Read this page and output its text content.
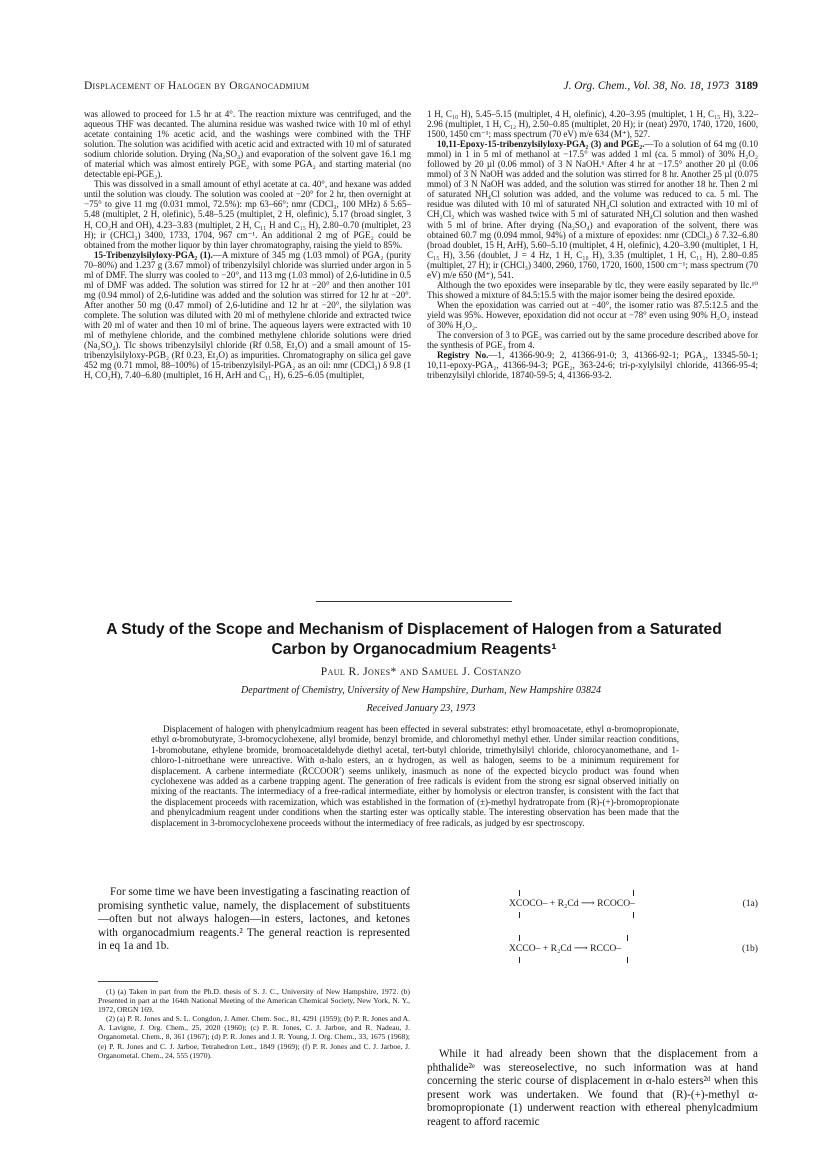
Displacement of Halogen by Organocadmium	J. Org. Chem., Vol. 38, No. 18, 1973 3189

was allowed to proceed for 1.5 hr at 4°. The reaction mixture was centrifuged, and the aqueous THF was decanted. The alumina residue was washed twice with 10 ml of ethyl acetate containing 1% acetic acid, and the washings were combined with the THF solution. The solution was acidified with acetic acid and extracted with 10 ml of saturated sodium chloride solution. Drying (Na₂SO₄) and evaporation of the solvent gave 16.1 mg of material which was almost entirely PGE₂ with some PGA₂ and starting material (no detectable epi-PGE₂).

This was dissolved in a small amount of ethyl acetate at ca. 40°, and hexane was added until the solution was cloudy. The solution was cooled at −20° for 2 hr, then overnight at −75° to give 11 mg (0.031 mmol, 72.5%): mp 63–66°; nmr (CDCl₃, 100 MHz) δ 5.65–5.48 (multiplet, 2 H, olefinic), 5.48–5.25 (multiplet, 2 H, olefinic), 5.17 (broad singlet, 3 H, CO₂H and OH), 4.23–3.83 (multiplet, 2 H, C₁₁ H and C₁₅ H), 2.80–0.70 (multiplet, 23 H); ir (CHCl₃) 3400, 1733, 1704, 967 cm⁻¹. An additional 2 mg of PGE₂ could be obtained from the mother liquor by thin layer chromatography, raising the yield to 85%.

15-Tribenzylsilyloxy-PGA₂ (1).—A mixture of 345 mg (1.03 mmol) of PGA₂ (purity 70–80%) and 1.237 g (3.67 mmol) of tribenzylsilyl chloride was slurried under argon in 5 ml of DMF. The slurry was cooled to −20°, and 113 mg (1.03 mmol) of 2,6-lutidine in 0.5 ml of DMF was added. The solution was stirred for 12 hr at −20° and then another 101 mg (0.94 mmol) of 2,6-lutidine was added and the solution was stirred for 12 hr at −20°. After another 50 mg (0.47 mmol) of 2,6-lutidine and 12 hr at −20°, the silylation was complete. The solution was diluted with 20 ml of methylene chloride and extracted twice with 20 ml of water and then 10 ml of brine. The aqueous layers were extracted with 10 ml of methylene chloride, and the combined methylene chloride solutions were dried (Na₂SO₄). Tlc shows tribenzylsilyl chloride (Rf 0.58, Et₂O) and a small amount of 15-tribenzylsilyloxy-PGB₂ (Rf 0.23, Et₂O) as impurities. Chromatography on silica gel gave 452 mg (0.71 mmol, 88–100%) of 15-tribenzylsilyl-PGA₂ as an oil: nmr (CDCl₃) δ 9.8 (1 H, CO₂H), 7.40–6.80 (multiplet, 16 H, ArH and C₁₁ H), 6.25–6.05 (multiplet,

1 H, C₁₀ H), 5.45–5.15 (multiplet, 4 H, olefinic), 4.20–3.95 (multiplet, 1 H, C₁₅ H), 3.22–2.96 (multiplet, 1 H, C₁₂ H), 2.50–0.85 (multiplet, 20 H); ir (neat) 2970, 1740, 1720, 1600, 1500, 1450 cm⁻¹; mass spectrum (70 eV) m/e 634 (M⁺), 527.

10,11-Epoxy-15-tribenzylsilyloxy-PGA₂ (3) and PGE₂.—To a solution of 64 mg (0.10 mmol) in 1 in 5 ml of methanol at −17.5° was added 1 ml (ca. 5 mmol) of 30% H₂O₂ followed by 20 µl (0.06 mmol) of 3 N NaOH.⁶ After 4 hr at −17.5° another 20 µl (0.06 mmol) of 3 N NaOH was added and the solution was stirred for 8 hr. Another 25 µl (0.075 mmol) of 3 N NaOH was added, and the solution was stirred for another 18 hr. Then 2 ml of saturated NH₄Cl solution was added, and the volume was reduced to ca. 5 ml. The residue was diluted with 10 ml of saturated NH₄Cl solution and extracted with 10 ml of CH₂Cl₂ which was washed twice with 5 ml of saturated NH₄Cl solution and then washed with 5 ml of brine. After drying (Na₂SO₄) and evaporation of the solvent, there was obtained 60.7 mg (0.094 mmol, 94%) of a mixture of epoxides: nmr (CDCl₃) δ 7.32–6.80 (broad doublet, 15 H, ArH), 5.60–5.10 (multiplet, 4 H, olefinic), 4.20–3.90 (multiplet, 1 H, C₁₅ H), 3.56 (doublet, J = 4 Hz, 1 H, C₁₀ H), 3.35 (multiplet, 1 H, C₁₁ H), 2.80–0.85 (multiplet, 27 H); ir (CHCl₃) 3400, 2960, 1760, 1720, 1600, 1500 cm⁻¹; mass spectrum (70 eV) m/e 650 (M⁺), 541.

Although the two epoxides were inseparable by tlc, they were easily separated by llc.¹⁰ This showed a mixture of 84.5:15.5 with the major isomer being the desired epoxide.

When the epoxidation was carried out at −40°, the isomer ratio was 87.5:12.5 and the yield was 95%. However, epoxidation did not occur at −78° even using 90% H₂O₂ instead of 30% H₂O₂.

The conversion of 3 to PGE₂ was carried out by the same procedure described above for the synthesis of PGE₂ from 4.

Registry No.—1, 41366-90-9; 2, 41366-91-0; 3, 41366-92-1; PGA₂, 13345-50-1; 10,11-epoxy-PGA₂, 41366-94-3; PGE₂, 363-24-6; tri-p-xylylsilyl chloride, 41366-95-4; tribenzylsilyl chloride, 18740-59-5; 4, 41366-93-2.

A Study of the Scope and Mechanism of Displacement of Halogen from a Saturated
Carbon by Organocadmium Reagents¹
Paul R. Jones* and Samuel J. Costanzo
Department of Chemistry, University of New Hampshire, Durham, New Hampshire 03824
Received January 23, 1973

Displacement of halogen with phenylcadmium reagent has been effected in several substrates: ethyl bromoacetate, ethyl α-bromopropionate, ethyl α-bromobutyrate, 3-bromocyclohexene, allyl bromide, benzyl bromide, and chloromethyl methyl ether. Under similar reaction conditions, 1-bromobutane, ethylene bromide, bromoacetaldehyde diethyl acetal, tert-butyl chloride, trimethylsilyl chloride, chlorocyanomethane, and 1-chloro-1-nitroethane were unreactive. With α-halo esters, an α hydrogen, as well as halogen, seems to be a minimum requirement for displacement. A carbene intermediate (R̈CCOOR′) seems unlikely, inasmuch as none of the expected bicyclo product was found when cyclohexene was added as a carbene trapping agent. The generation of free radicals is evident from the strong esr signal observed initially on mixing of the reactants. The intermediacy of a free-radical intermediate, either by homolysis or electron transfer, is consistent with the fact that the displacement proceeds with racemization, which was established in the formation of (±)-methyl hydratropate from (R)-(+)-bromopropionate and phenylcadmium reagent under conditions when the starting ester was optically stable. The interesting observation has been made that the displacement in 3-bromocyclohexene proceeds without the intermediacy of free radicals, as judged by esr spectroscopy.

For some time we have been investigating a fascinating reaction of promising synthetic value, namely, the displacement of substituents—often but not always halogen—in esters, lactones, and ketones with organocadmium reagents.² The general reaction is represented in eq 1a and 1b.

(1) (a) Taken in part from the Ph.D. thesis of S. J. C., University of New Hampshire, 1972. (b) Presented in part at the 164th National Meeting of the American Chemical Society, New York, N. Y., 1972, ORGN 169.

(2) (a) P. R. Jones and S. L. Congdon, J. Amer. Chem. Soc., 81, 4291 (1959); (b) P. R. Jones and A. A. Lavigne, J. Org. Chem., 25, 2020 (1960); (c) P. R. Jones, C. J. Jarboe, and R. Nadeau, J. Organometal. Chem., 8, 361 (1967); (d) P. R. Jones and J. R. Young, J. Org. Chem., 33, 1675 (1968); (e) P. R. Jones and C. J. Jarboe, Tetrahedron Lett., 1849 (1969); (f) P. R. Jones and C. J. Jarboe, J. Organometal. Chem., 24, 555 (1970).

XCOCO– + R₂Cd ⟶ RCOCO–	(1a)
XCCO– + R₂Cd ⟶ RCCO–	(1b)

While it had already been shown that the displacement from a phthalide²ᵉ was stereoselective, no such information was at hand concerning the steric course of displacement in α-halo esters²ᵈ when this present work was undertaken. We found that (R)-(+)-methyl α-bromopropionate (1) underwent reaction with ethereal phenylcadmium reagent to afford racemic
